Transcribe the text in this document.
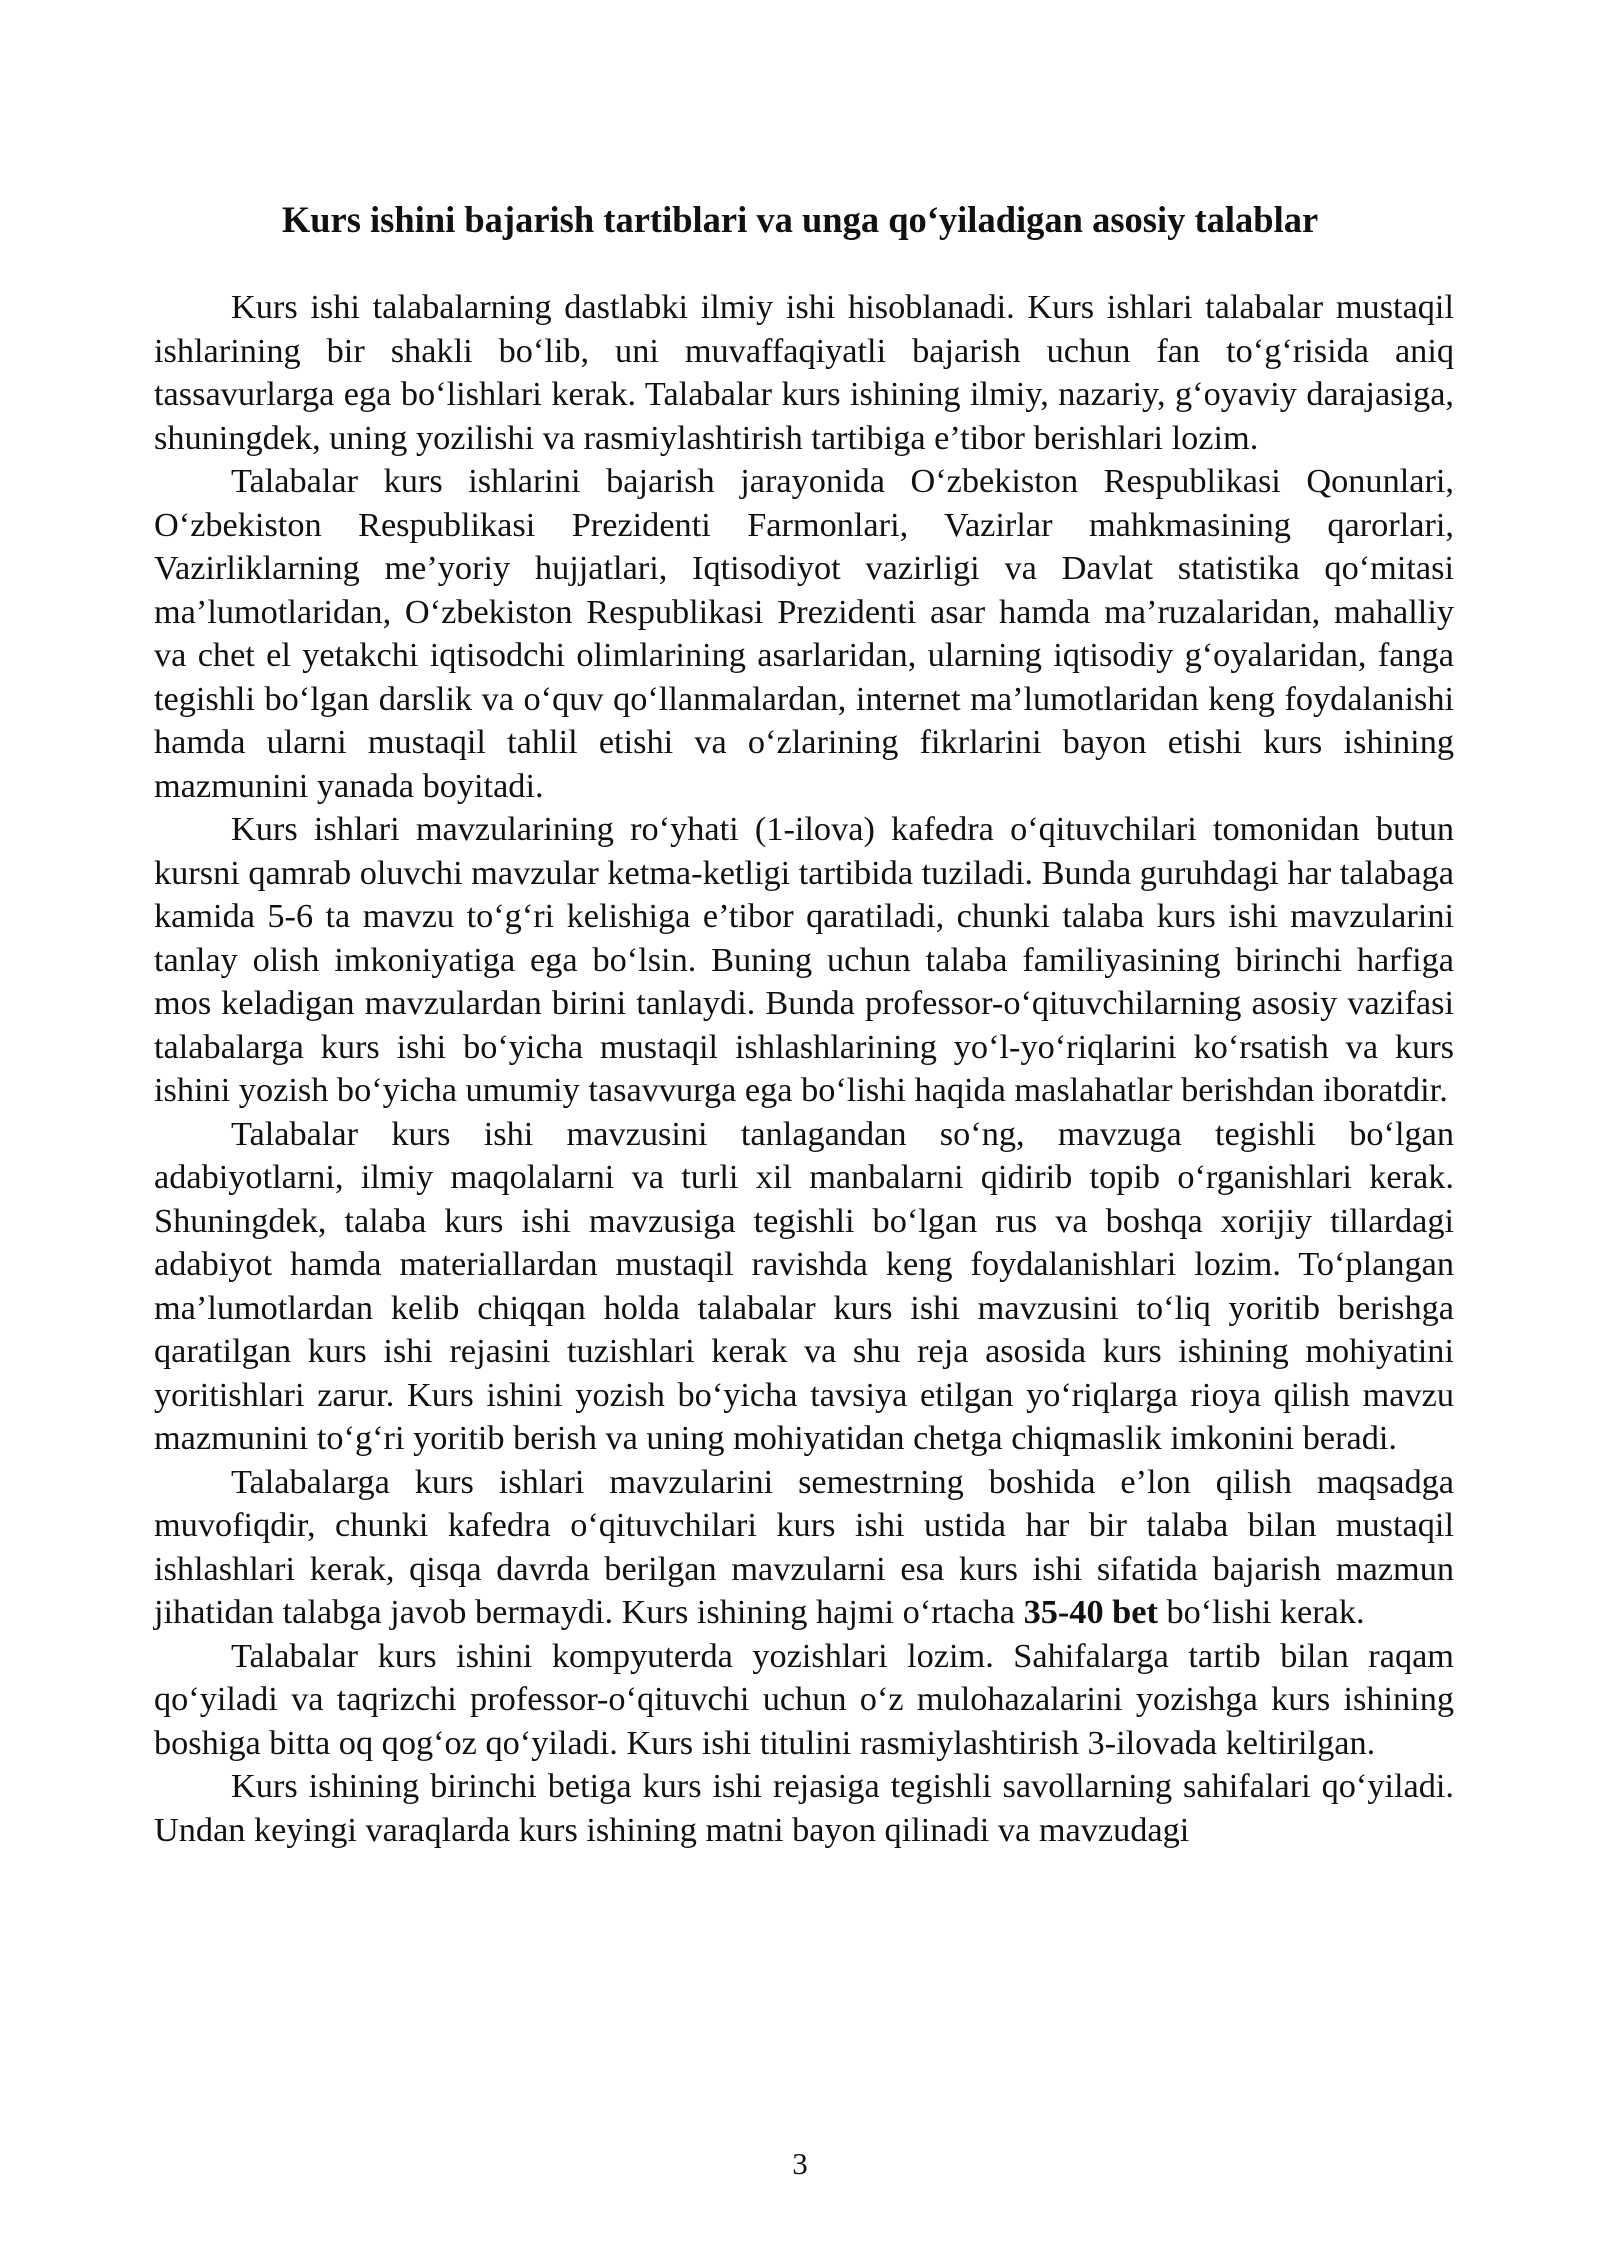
Kurs ishini bajarish tartiblari va unga qo‘yiladigan asosiy talablar

Kurs ishi talabalarning dastlabki ilmiy ishi hisoblanadi. Kurs ishlari talabalar mustaqil ishlarining bir shakli bo‘lib, uni muvaffaqiyatli bajarish uchun fan to‘g‘risida aniq tassavurlarga ega bo‘lishlari kerak. Talabalar kurs ishining ilmiy, nazariy, g‘oyaviy darajasiga, shuningdek, uning yozilishi va rasmiylashtirish tartibiga e’tibor berishlari lozim.

Talabalar kurs ishlarini bajarish jarayonida O‘zbekiston Respublikasi Qonunlari, O‘zbekiston Respublikasi Prezidenti Farmonlari, Vazirlar mahkmasining qarorlari, Vazirliklarning me’yoriy hujjatlari, Iqtisodiyot vazirligi va Davlat statistika qo‘mitasi ma’lumotlaridan, O‘zbekiston Respublikasi Prezidenti asar hamda ma’ruzalaridan, mahalliy va chet el yetakchi iqtisodchi olimlarining asarlaridan, ularning iqtisodiy g‘oyalaridan, fanga tegishli bo‘lgan darslik va o‘quv qo‘llanmalardan, internet ma’lumotlaridan keng foydalanishi hamda ularni mustaqil tahlil etishi va o‘zlarining fikrlarini bayon etishi kurs ishining mazmunini yanada boyitadi.

Kurs ishlari mavzularining ro‘yhati (1-ilova) kafedra o‘qituvchilari tomonidan butun kursni qamrab oluvchi mavzular ketma-ketligi tartibida tuziladi. Bunda guruhdagi har talabaga kamida 5-6 ta mavzu to‘g‘ri kelishiga e’tibor qaratiladi, chunki talaba kurs ishi mavzularini tanlay olish imkoniyatiga ega bo‘lsin. Buning uchun talaba familiyasining birinchi harfiga mos keladigan mavzulardan birini tanlaydi. Bunda professor-o‘qituvchilarning asosiy vazifasi talabalarga kurs ishi bo‘yicha mustaqil ishlashlarining yo‘l-yo‘riqlarini ko‘rsatish va kurs ishini yozish bo‘yicha umumiy tasavvurga ega bo‘lishi haqida maslahatlar berishdan iboratdir.

Talabalar kurs ishi mavzusini tanlagandan so‘ng, mavzuga tegishli bo‘lgan adabiyotlarni, ilmiy maqolalarni va turli xil manbalarni qidirib topib o‘rganishlari kerak. Shuningdek, talaba kurs ishi mavzusiga tegishli bo‘lgan rus va boshqa xorijiy tillardagi adabiyot hamda materiallardan mustaqil ravishda keng foydalanishlari lozim. To‘plangan ma’lumotlardan kelib chiqqan holda talabalar kurs ishi mavzusini to‘liq yoritib berishga qaratilgan kurs ishi rejasini tuzishlari kerak va shu reja asosida kurs ishining mohiyatini yoritishlari zarur. Kurs ishini yozish bo‘yicha tavsiya etilgan yo‘riqlarga rioya qilish mavzu mazmunini to‘g‘ri yoritib berish va uning mohiyatidan chetga chiqmaslik imkonini beradi.

Talabalarga kurs ishlari mavzularini semestrning boshida e’lon qilish maqsadga muvofiqdir, chunki kafedra o‘qituvchilari kurs ishi ustida har bir talaba bilan mustaqil ishlashlari kerak, qisqa davrda berilgan mavzularni esa kurs ishi sifatida bajarish mazmun jihatidan talabga javob bermaydi. Kurs ishining hajmi o‘rtacha 35-40 bet bo‘lishi kerak.

Talabalar kurs ishini kompyuterda yozishlari lozim. Sahifalarga tartib bilan raqam qo‘yiladi va taqrizchi professor-o‘qituvchi uchun o‘z mulohazalarini yozishga kurs ishining boshiga bitta oq qog‘oz qo‘yiladi. Kurs ishi titulini rasmiylashtirish 3-ilovada keltirilgan.

Kurs ishining birinchi betiga kurs ishi rejasiga tegishli savollarning sahifalari qo‘yiladi. Undan keyingi varaqlarda kurs ishining matni bayon qilinadi va mavzudagi

3
